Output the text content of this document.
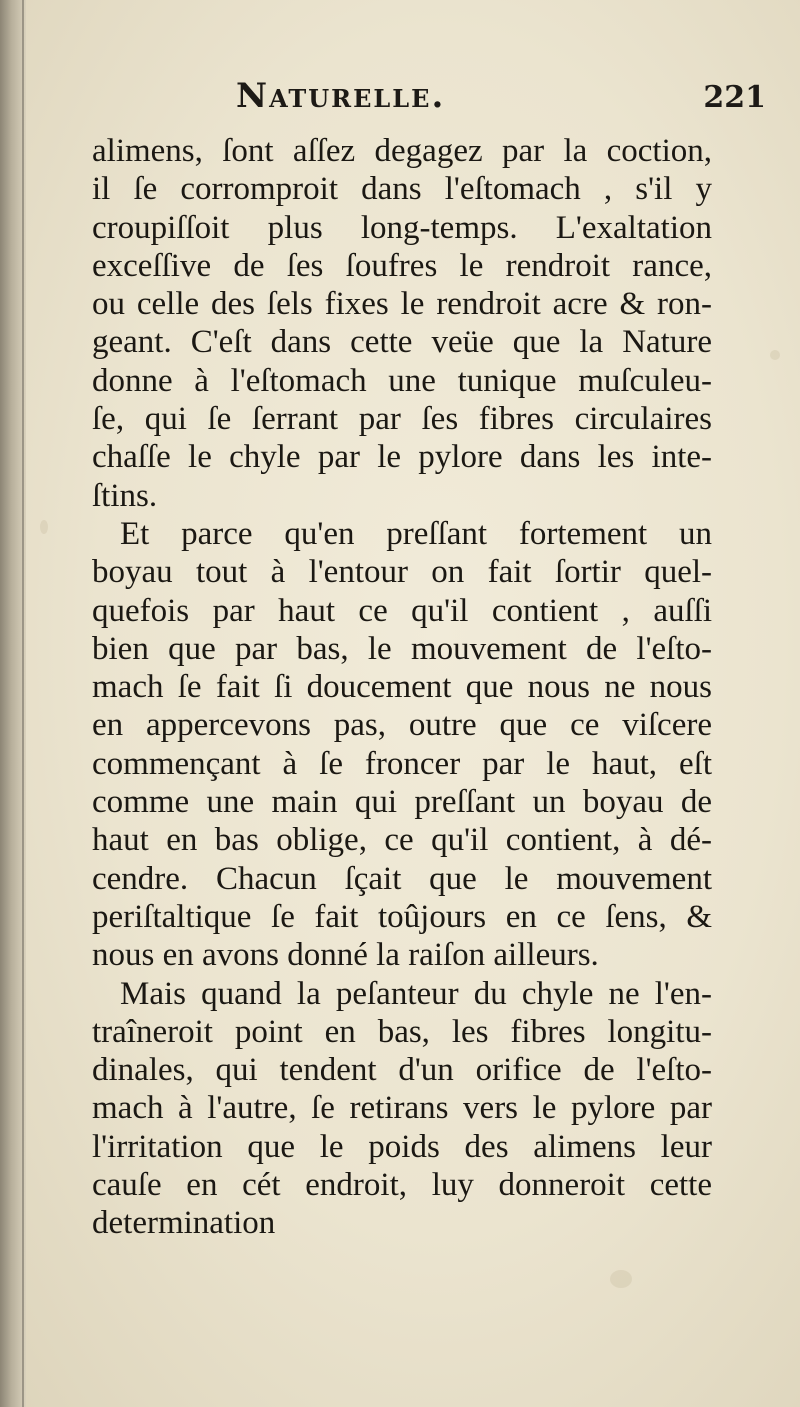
Naturelle.	221
alimens, ſont aſſez degagez par la coction,
il ſe corromproit dans l'eſtomach , s'il y
croupiſſoit plus long-temps. L'exaltation
exceſſive de ſes ſoufres le rendroit rance,
ou celle des ſels fixes le rendroit acre & ron-
geant. C'eſt dans cette veüe que la Nature
donne à l'eſtomach une tunique muſculeu-
ſe, qui ſe ſerrant par ſes fibres circulaires
chaſſe le chyle par le pylore dans les inte-
ſtins.
Et parce qu'en preſſant fortement un
boyau tout à l'entour on fait ſortir quel-
quefois par haut ce qu'il contient , auſſi
bien que par bas, le mouvement de l'eſto-
mach ſe fait ſi doucement que nous ne nous
en appercevons pas, outre que ce viſcere
commençant à ſe froncer par le haut, eſt
comme une main qui preſſant un boyau de
haut en bas oblige, ce qu'il contient, à dé-
cendre. Chacun ſçait que le mouvement
periſtaltique ſe fait toûjours en ce ſens, &
nous en avons donné la raiſon ailleurs.
Mais quand la peſanteur du chyle ne l'en-
traîneroit point en bas, les fibres longitu-
dinales, qui tendent d'un orifice de l'eſto-
mach à l'autre, ſe retirans vers le pylore par
l'irritation que le poids des alimens leur
cauſe en cét endroit, luy donneroit cette
determination
